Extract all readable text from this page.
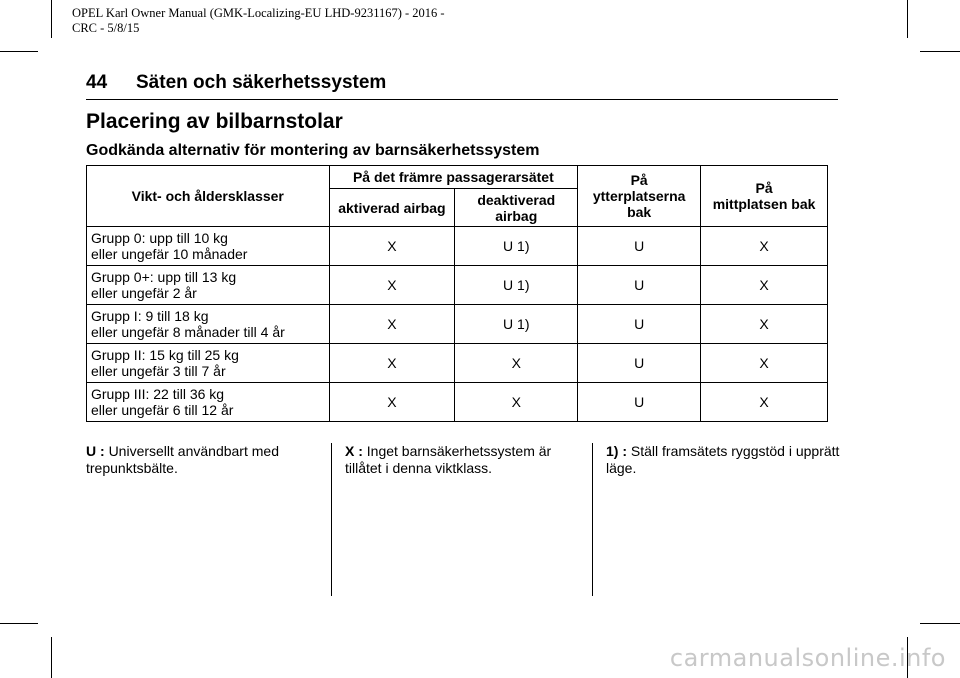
OPEL Karl Owner Manual (GMK-Localizing-EU LHD-9231167) - 2016 -
CRC - 5/8/15
44 Säten och säkerhetssystem
Placering av bilbarnstolar
Godkända alternativ för montering av barnsäkerhetssystem
Vikt- och åldersklasser	På det främre passagerarsätet		På
ytterplatserna
bak	På
mittplatsen bak
	aktiverad airbag	deaktiverad
airbag		
Grupp 0: upp till 10 kg
eller ungefär 10 månader	X	U 1)	U	X
Grupp 0+: upp till 13 kg
eller ungefär 2 år	X	U 1)	U	X
Grupp I: 9 till 18 kg
eller ungefär 8 månader till 4 år	X	U 1)	U	X
Grupp II: 15 kg till 25 kg
eller ungefär 3 till 7 år	X	X	U	X
Grupp III: 22 till 36 kg
eller ungefär 6 till 12 år	X	X	U	X
U : Universellt användbart med trepunktsbälte.
X : Inget barnsäkerhetssystem är tillåtet i denna viktklass.
1) : Ställ framsätets ryggstöd i upprätt läge.
carmanualsonline.info
